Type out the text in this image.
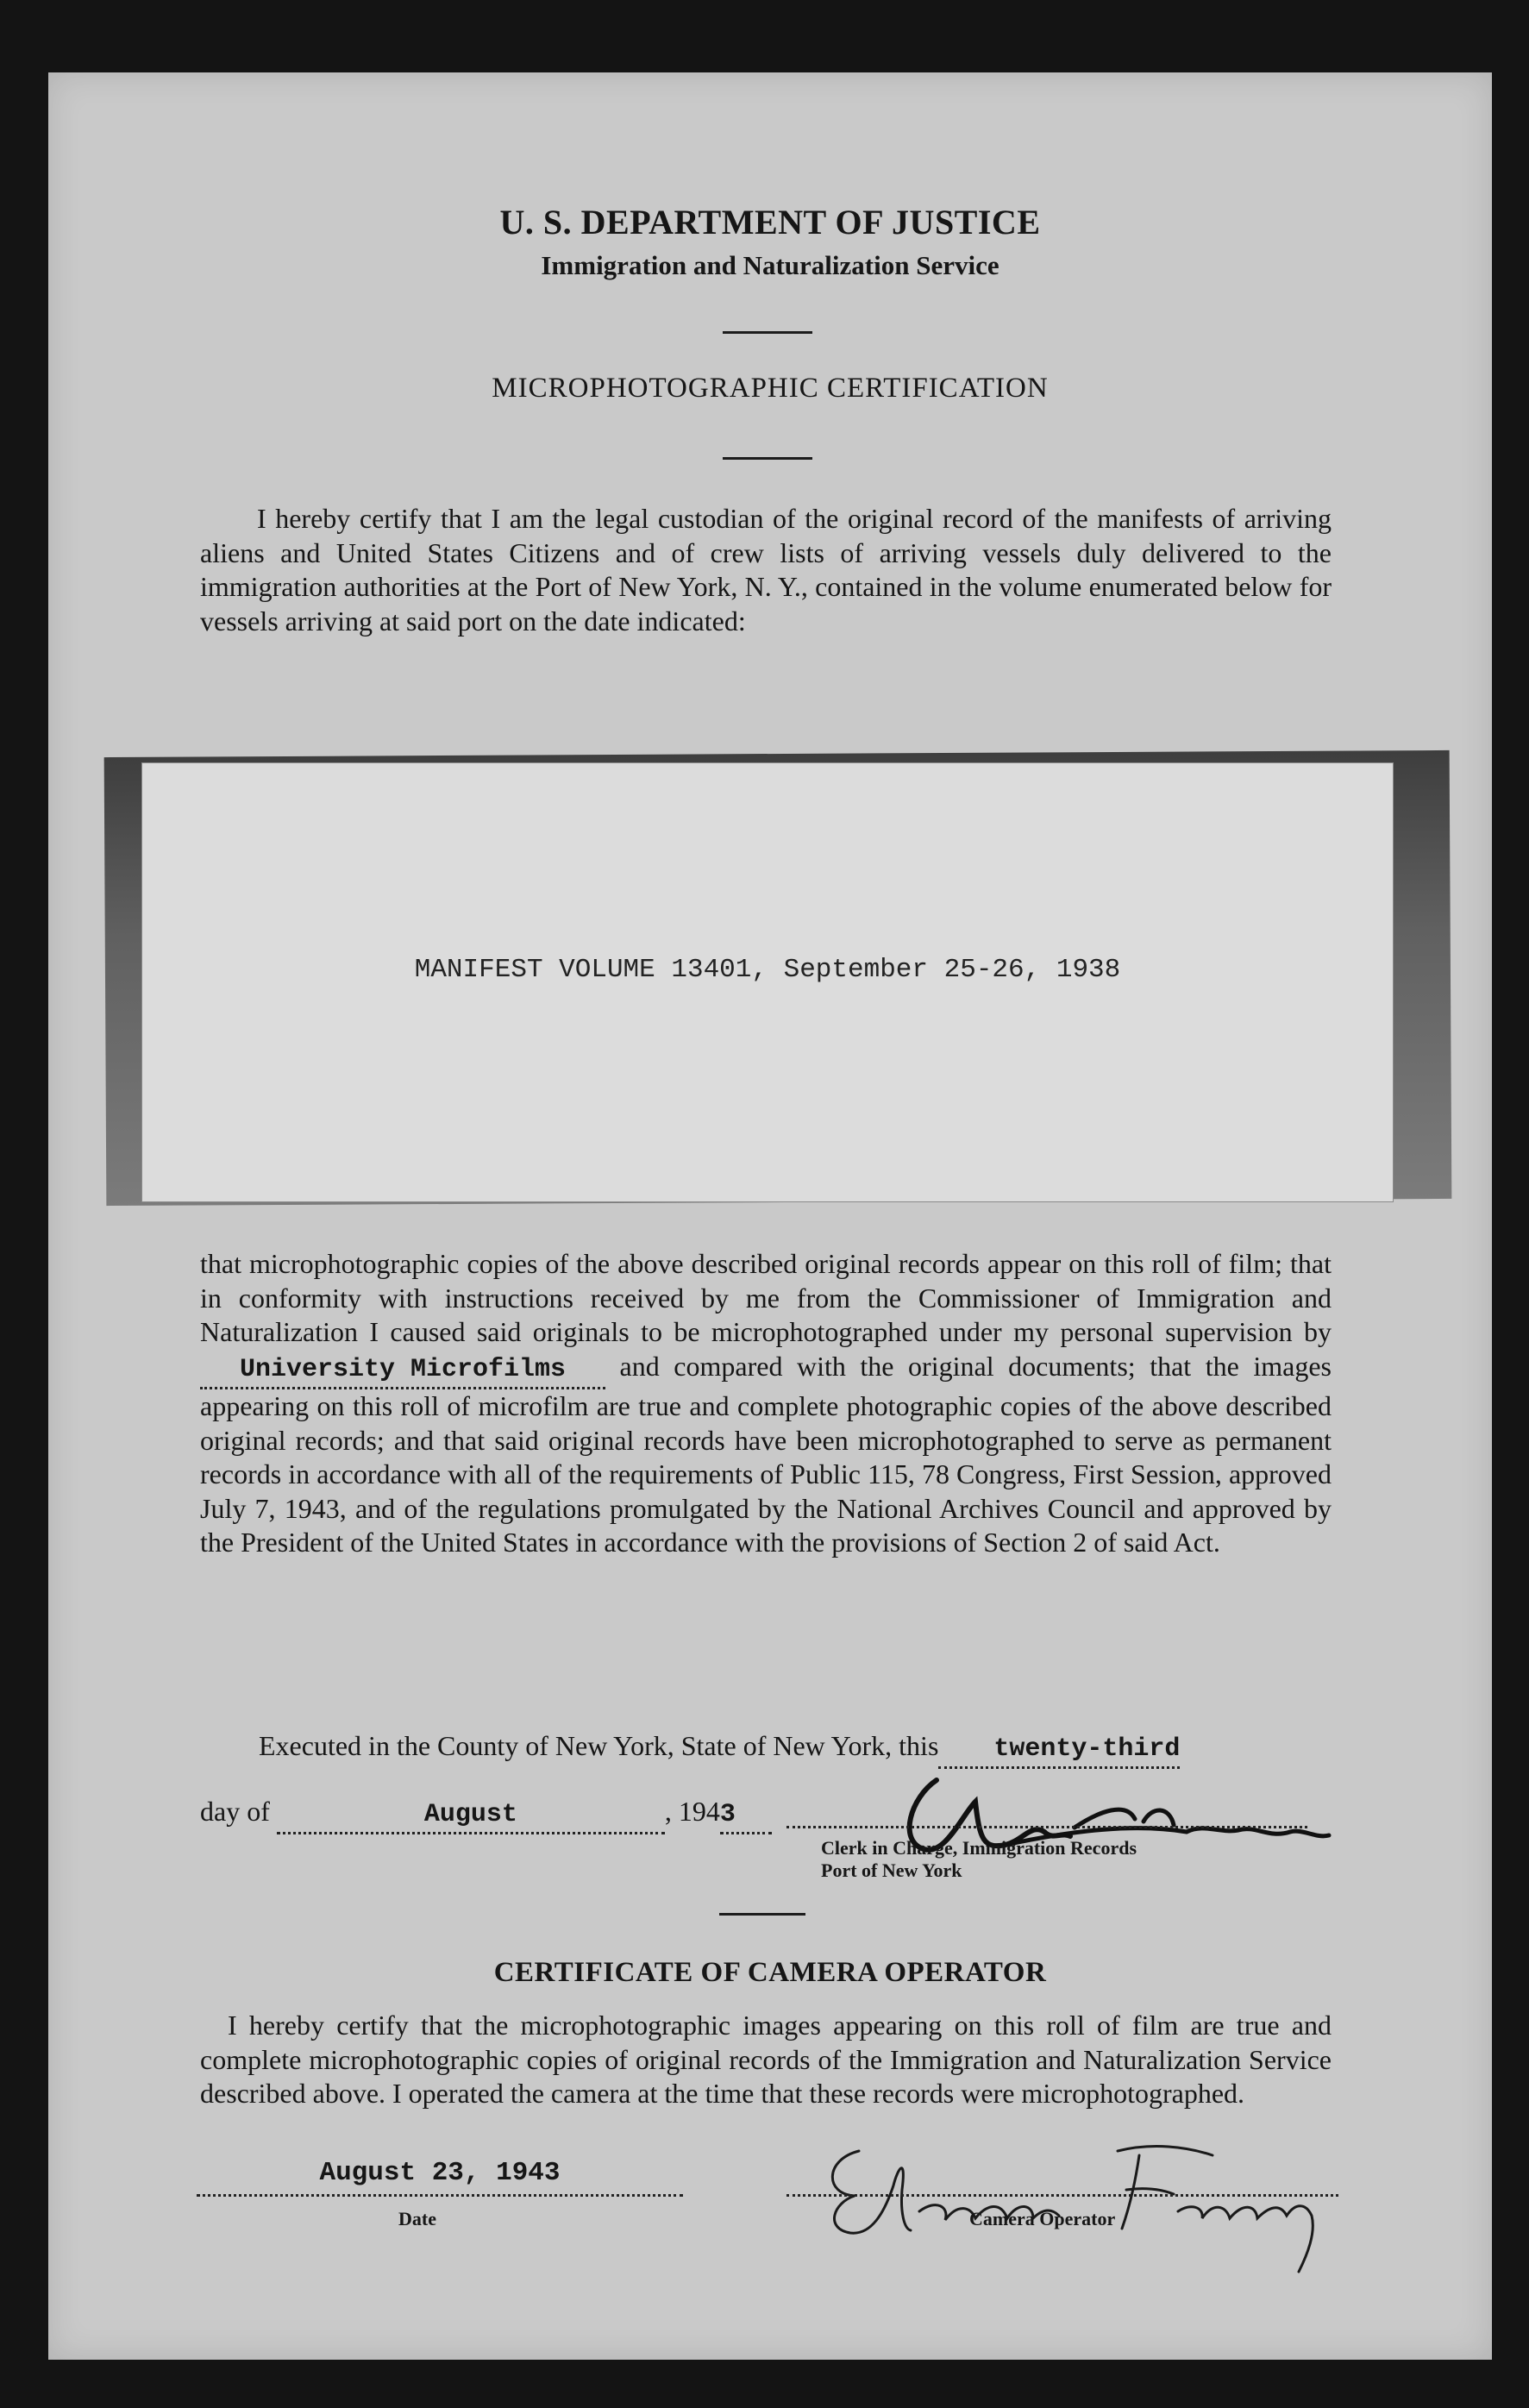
U. S. DEPARTMENT OF JUSTICE
Immigration and Naturalization Service
MICROPHOTOGRAPHIC CERTIFICATION
I hereby certify that I am the legal custodian of the original record of the manifests of arriving aliens and United States Citizens and of crew lists of arriving vessels duly delivered to the immigration authorities at the Port of New York, N. Y., contained in the volume enumerated below for vessels arriving at said port on the date indicated:
MANIFEST VOLUME 13401, September 25-26, 1938
that microphotographic copies of the above described original records appear on this roll of film; that in conformity with instructions received by me from the Commissioner of Immigration and Naturalization I caused said originals to be microphotographed under my personal supervision by University Microfilms and compared with the original documents; that the images appearing on this roll of microfilm are true and complete photographic copies of the above described original records; and that said original records have been microphotographed to serve as permanent records in accordance with all of the requirements of Public 115, 78 Congress, First Session, approved July 7, 1943, and of the regulations promulgated by the National Archives Council and approved by the President of the United States in accordance with the provisions of Section 2 of said Act.
Executed in the County of New York, State of New York, this twenty-third
day of	August	, 1943
Clerk in Charge, Immigration Records
Port of New York
CERTIFICATE OF CAMERA OPERATOR
I hereby certify that the microphotographic images appearing on this roll of film are true and complete microphotographic copies of original records of the Immigration and Naturalization Service described above. I operated the camera at the time that these records were microphotographed.
August 23, 1943
Date	Camera Operator
